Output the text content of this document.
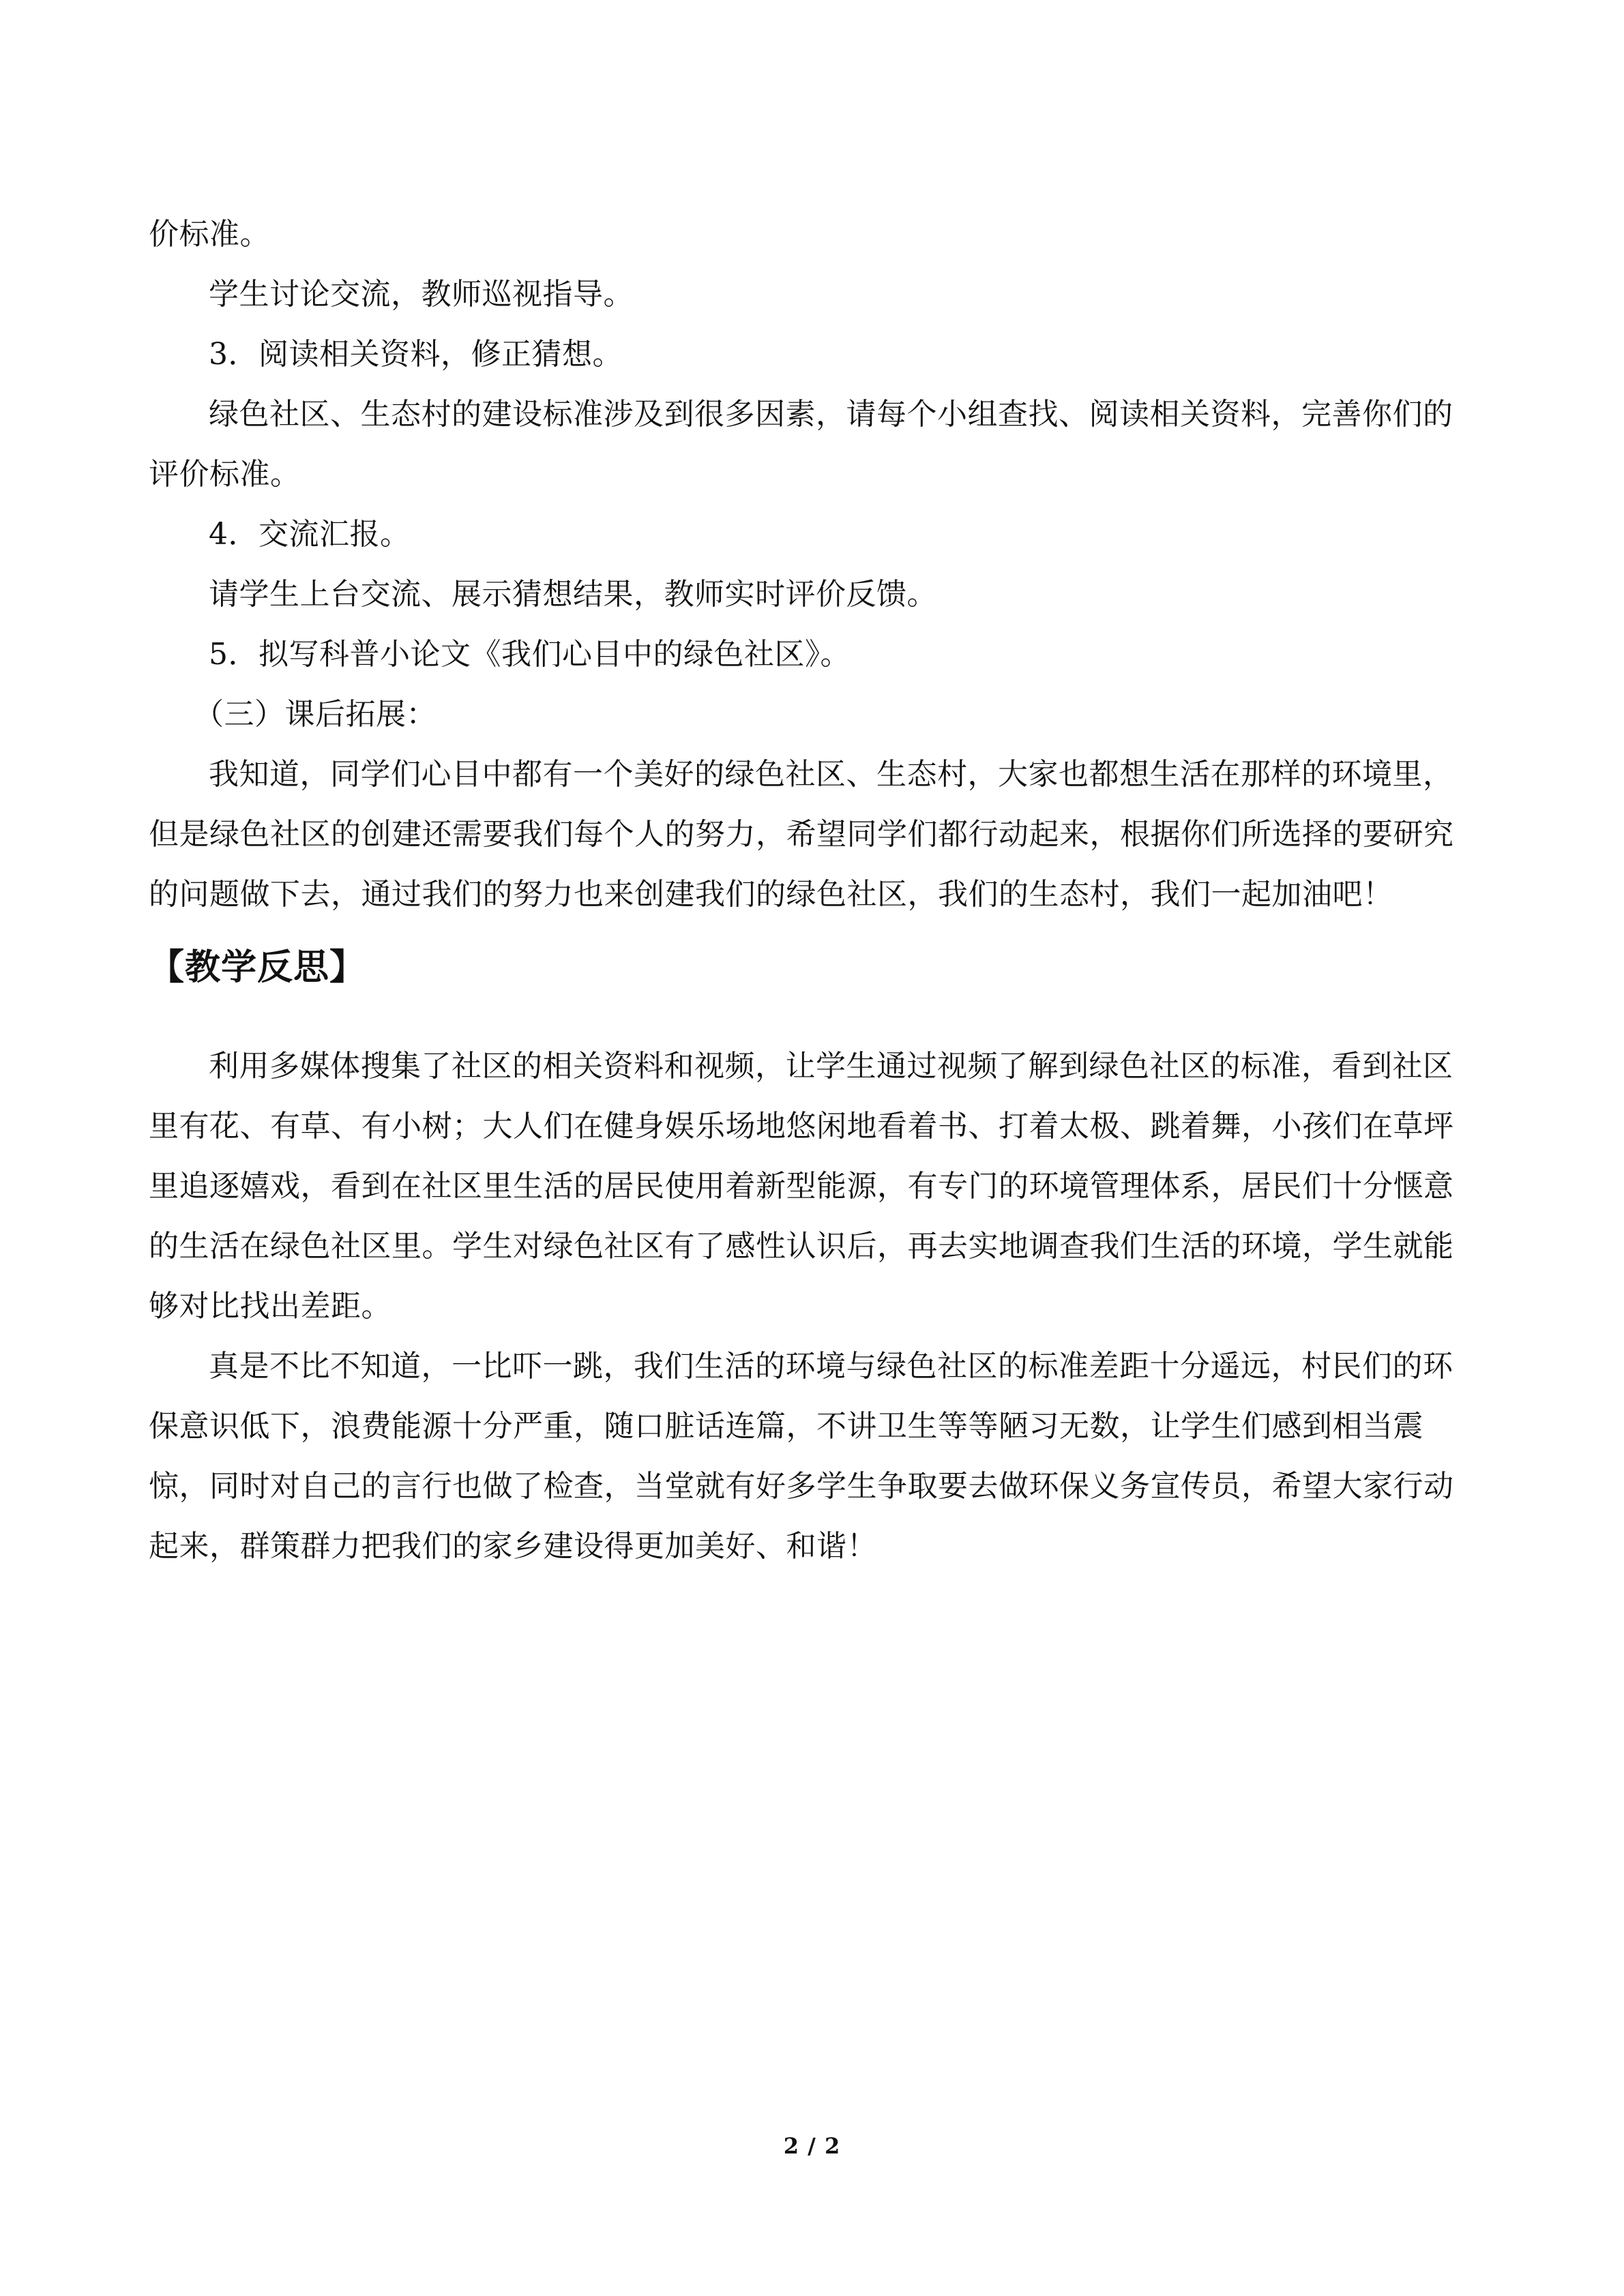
价标准。

学生讨论交流，教师巡视指导。

3．阅读相关资料，修正猜想。

绿色社区、生态村的建设标准涉及到很多因素，请每个小组查找、阅读相关资料，完善你们的评价标准。

4．交流汇报。

请学生上台交流、展示猜想结果，教师实时评价反馈。

5．拟写科普小论文《我们心目中的绿色社区》。

（三）课后拓展：

我知道，同学们心目中都有一个美好的绿色社区、生态村，大家也都想生活在那样的环境里，但是绿色社区的创建还需要我们每个人的努力，希望同学们都行动起来，根据你们所选择的要研究的问题做下去，通过我们的努力也来创建我们的绿色社区，我们的生态村，我们一起加油吧！

【教学反思】

利用多媒体搜集了社区的相关资料和视频，让学生通过视频了解到绿色社区的标准，看到社区里有花、有草、有小树；大人们在健身娱乐场地悠闲地看着书、打着太极、跳着舞，小孩们在草坪里追逐嬉戏，看到在社区里生活的居民使用着新型能源，有专门的环境管理体系，居民们十分惬意的生活在绿色社区里。学生对绿色社区有了感性认识后，再去实地调查我们生活的环境，学生就能够对比找出差距。

真是不比不知道，一比吓一跳，我们生活的环境与绿色社区的标准差距十分遥远，村民们的环保意识低下，浪费能源十分严重，随口脏话连篇，不讲卫生等等陋习无数，让学生们感到相当震惊，同时对自己的言行也做了检查，当堂就有好多学生争取要去做环保义务宣传员，希望大家行动起来，群策群力把我们的家乡建设得更加美好、和谐！

2 / 2
